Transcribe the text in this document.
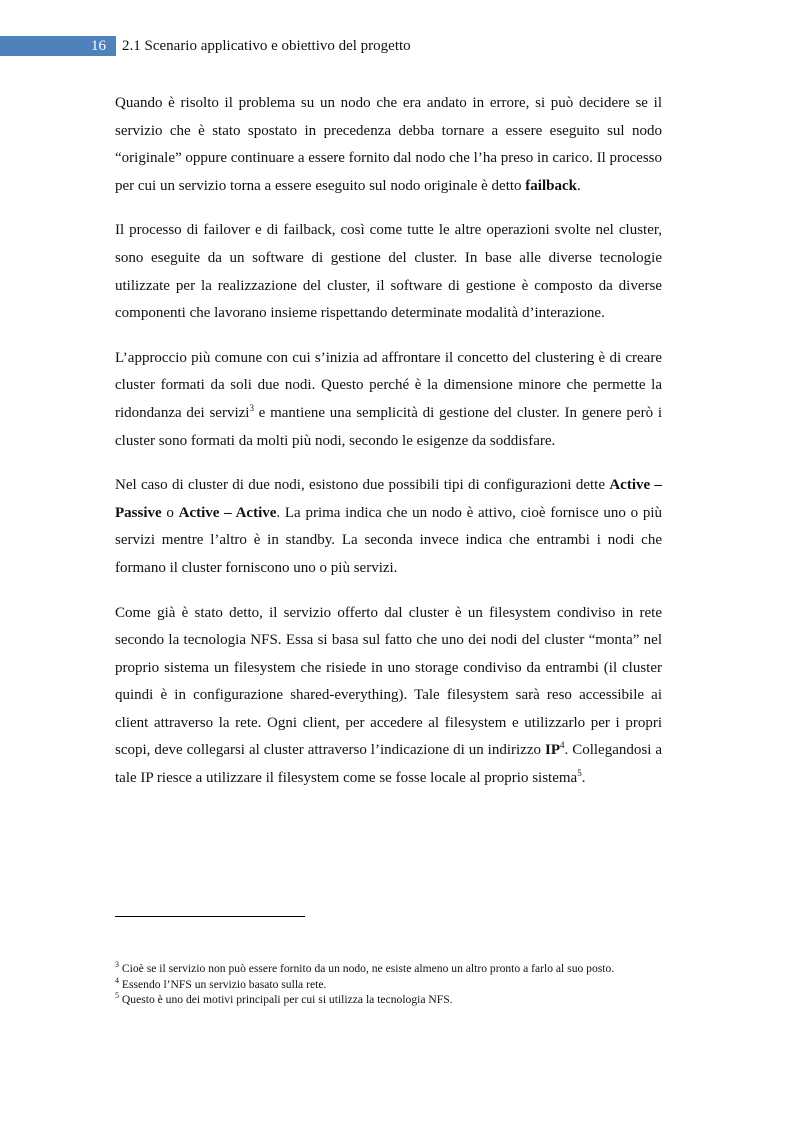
16 2.1 Scenario applicativo e obiettivo del progetto

Quando è risolto il problema su un nodo che era andato in errore, si può decidere se il servizio che è stato spostato in precedenza debba tornare a essere eseguito sul nodo “originale” oppure continuare a essere fornito dal nodo che l’ha preso in carico. Il processo per cui un servizio torna a essere eseguito sul nodo originale è detto failback.

Il processo di failover e di failback, così come tutte le altre operazioni svolte nel cluster, sono eseguite da un software di gestione del cluster. In base alle diverse tecnologie utilizzate per la realizzazione del cluster, il software di gestione è composto da diverse componenti che lavorano insieme rispettando determinate modalità d’interazione.

L’approccio più comune con cui s’inizia ad affrontare il concetto del clustering è di creare cluster formati da soli due nodi. Questo perché è la dimensione minore che permette la ridondanza dei servizi$^3$ e mantiene una semplicità di gestione del cluster. In genere però i cluster sono formati da molti più nodi, secondo le esigenze da soddisfare.

Nel caso di cluster di due nodi, esistono due possibili tipi di configurazioni dette Active – Passive o Active – Active. La prima indica che un nodo è attivo, cioè fornisce uno o più servizi mentre l’altro è in standby. La seconda invece indica che entrambi i nodi che formano il cluster forniscono uno o più servizi.

Come già è stato detto, il servizio offerto dal cluster è un filesystem condiviso in rete secondo la tecnologia NFS. Essa si basa sul fatto che uno dei nodi del cluster “monta” nel proprio sistema un filesystem che risiede in uno storage condiviso da entrambi (il cluster quindi è in configurazione shared-everything). Tale filesystem sarà reso accessibile ai client attraverso la rete. Ogni client, per accedere al filesystem e utilizzarlo per i propri scopi, deve collegarsi al cluster attraverso l’indicazione di un indirizzo $IP^4$. Collegandosi a tale IP riesce a utilizzare il filesystem come se fosse locale al proprio sistema$^5$.

$^3$ Cioè se il servizio non può essere fornito da un nodo, ne esiste almeno un altro pronto a farlo al suo posto.

$^4$ Essendo l’NFS un servizio basato sulla rete.

$^5$ Questo è uno dei motivi principali per cui si utilizza la tecnologia NFS.
